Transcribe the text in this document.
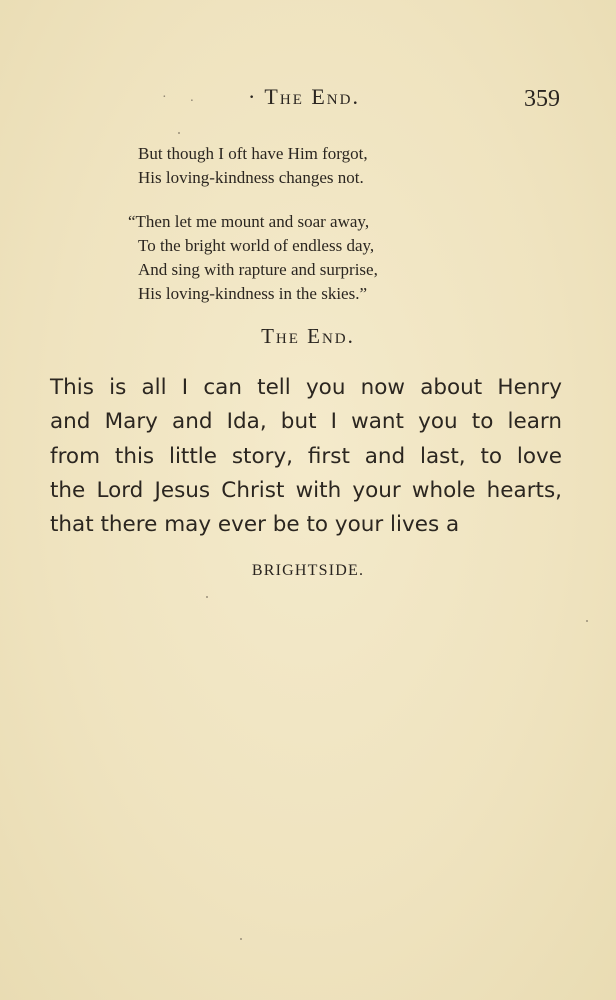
· . · The End.	359
But though I oft have Him forgot,
His loving-kindness changes not.
“Then let me mount and soar away,
To the bright world of endless day,
And sing with rapture and surprise,
His loving-kindness in the skies.”
The End.
This is all I can tell you now about Henry
and Mary and Ida, but I want you to learn
from this little story, first and last, to love
the Lord Jesus Christ with your whole hearts,
that there may ever be to your lives a
BRIGHTSIDE.
